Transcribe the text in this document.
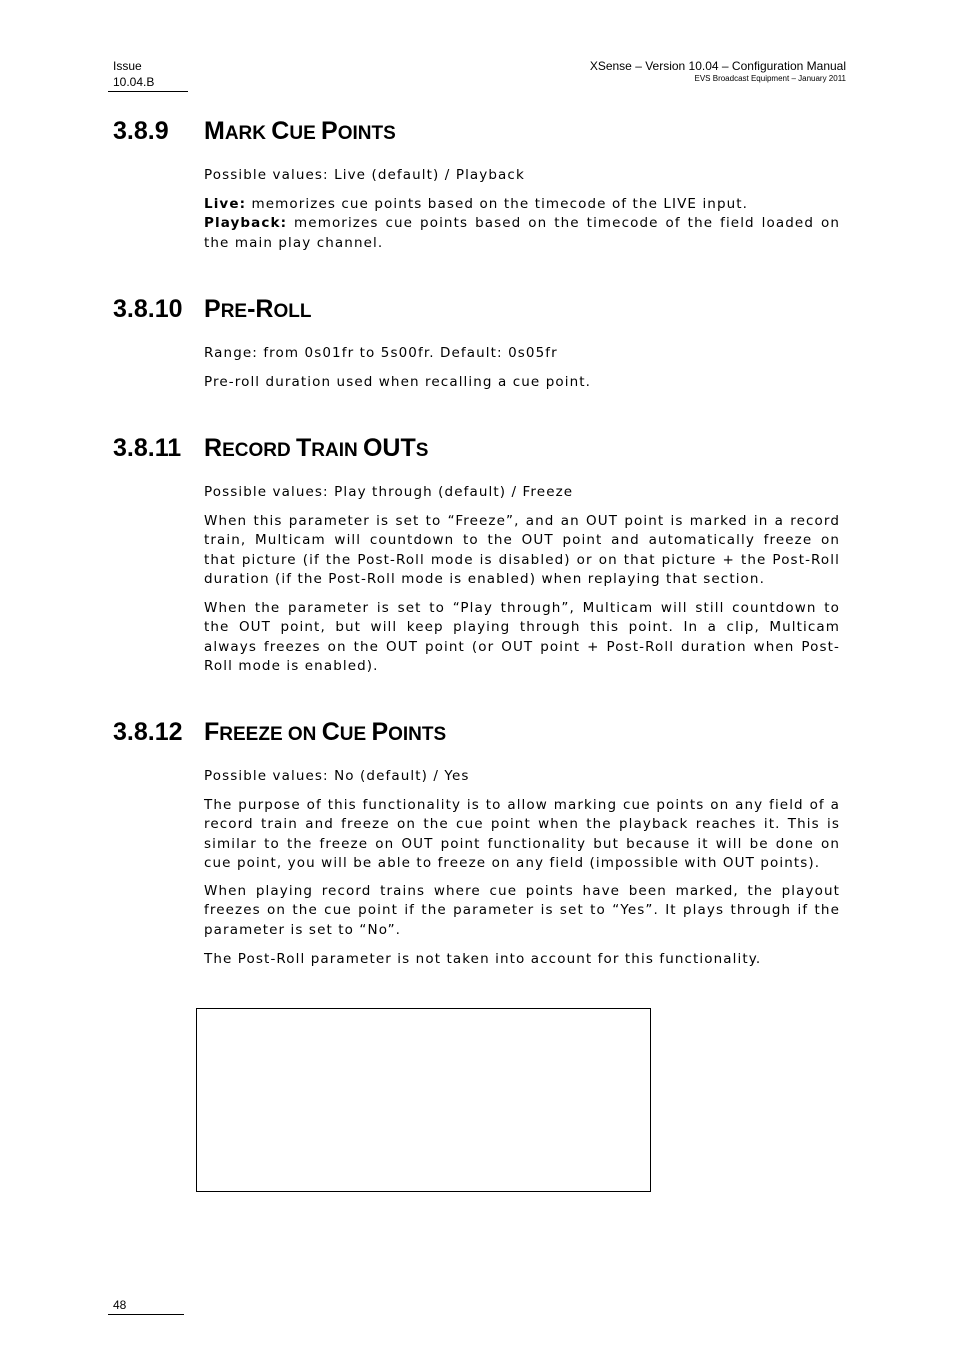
Issue
10.04.B
XSense – Version 10.04 – Configuration Manual
EVS Broadcast Equipment – January 2011
3.8.9 MARK CUE POINTS
Possible values: Live (default) / Playback
Live: memorizes cue points based on the timecode of the LIVE input.
Playback: memorizes cue points based on the timecode of the field loaded on the main play channel.
3.8.10 PRE-ROLL
Range: from 0s01fr to 5s00fr. Default: 0s05fr
Pre-roll duration used when recalling a cue point.
3.8.11 RECORD TRAIN OUTS
Possible values: Play through (default) / Freeze
When this parameter is set to “Freeze”, and an OUT point is marked in a record train, Multicam will countdown to the OUT point and automatically freeze on that picture (if the Post-Roll mode is disabled) or on that picture + the Post-Roll duration (if the Post-Roll mode is enabled) when replaying that section.
When the parameter is set to “Play through”, Multicam will still countdown to the OUT point, but will keep playing through this point. In a clip, Multicam always freezes on the OUT point (or OUT point + Post-Roll duration when Post-Roll mode is enabled).
3.8.12 FREEZE ON CUE POINTS
Possible values: No (default) / Yes
The purpose of this functionality is to allow marking cue points on any field of a record train and freeze on the cue point when the playback reaches it. This is similar to the freeze on OUT point functionality but because it will be done on cue point, you will be able to freeze on any field (impossible with OUT points).
When playing record trains where cue points have been marked, the playout freezes on the cue point if the parameter is set to “Yes”. It plays through if the parameter is set to “No”.
The Post-Roll parameter is not taken into account for this functionality.
48
